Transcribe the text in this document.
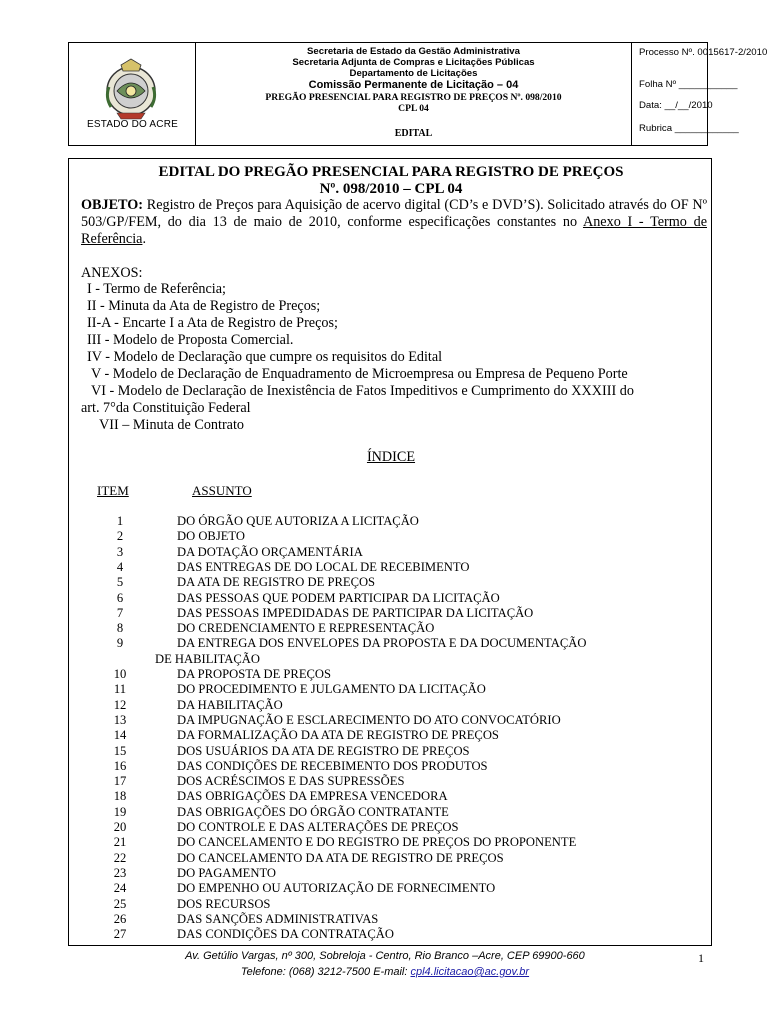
ESTADO DO ACRE
Secretaria de Estado da Gestão Administrativa
Secretaria Adjunta de Compras e Licitações Públicas
Departamento de Licitações
Comissão Permanente de Licitação – 04
PREGÃO PRESENCIAL PARA REGISTRO DE PREÇOS Nº. 098/2010
CPL 04
EDITAL
Processo Nº. 0015617-2/2010
Folha Nº ___________
Data: __/__/2010
Rubrica ____________
EDITAL DO PREGÃO PRESENCIAL PARA REGISTRO DE PREÇOS
Nº. 098/2010 – CPL 04
OBJETO: Registro de Preços para Aquisição de acervo digital (CD’s e DVD’S). Solicitado através do OF Nº 503/GP/FEM, do dia 13 de maio de 2010, conforme especificações constantes no Anexo I - Termo de Referência.
ANEXOS:
I - Termo de Referência;
II - Minuta da Ata de Registro de Preços;
II-A - Encarte I a Ata de Registro de Preços;
III - Modelo de Proposta Comercial.
IV - Modelo de Declaração que cumpre os requisitos do Edital
V - Modelo de Declaração de Enquadramento de Microempresa ou Empresa de Pequeno Porte
VI - Modelo de Declaração de Inexistência de Fatos Impeditivos e Cumprimento do XXXIII do
art. 7°da Constituição Federal
VII – Minuta de Contrato
ÍNDICE
ITEM	ASSUNTO
1	DO ÓRGÃO QUE AUTORIZA A LICITAÇÃO
2	DO OBJETO
3	DA DOTAÇÃO ORÇAMENTÁRIA
4	DAS ENTREGAS DE DO LOCAL DE RECEBIMENTO
5	DA ATA DE REGISTRO DE PREÇOS
6	DAS PESSOAS QUE PODEM PARTICIPAR DA LICITAÇÃO
7	DAS PESSOAS IMPEDIDADAS DE PARTICIPAR DA LICITAÇÃO
8	DO CREDENCIAMENTO E REPRESENTAÇÃO
9	DA ENTREGA DOS ENVELOPES DA PROPOSTA E DA DOCUMENTAÇÃO
DE HABILITAÇÃO
10	DA PROPOSTA DE PREÇOS
11	DO PROCEDIMENTO E JULGAMENTO DA LICITAÇÃO
12	DA HABILITAÇÃO
13	DA IMPUGNAÇÃO E ESCLARECIMENTO DO ATO CONVOCATÓRIO
14	DA FORMALIZAÇÃO DA ATA DE REGISTRO DE PREÇOS
15	DOS USUÁRIOS DA ATA DE REGISTRO DE PREÇOS
16	DAS CONDIÇÕES DE RECEBIMENTO DOS PRODUTOS
17	DOS ACRÉSCIMOS E DAS SUPRESSÕES
18	DAS OBRIGAÇÕES DA EMPRESA VENCEDORA
19	DAS OBRIGAÇÕES DO ÓRGÃO CONTRATANTE
20	DO CONTROLE E DAS ALTERAÇÕES DE PREÇOS
21	DO CANCELAMENTO E DO REGISTRO DE PREÇOS DO PROPONENTE
22	DO CANCELAMENTO DA ATA DE REGISTRO DE PREÇOS
23	DO PAGAMENTO
24	DO EMPENHO OU AUTORIZAÇÃO DE FORNECIMENTO
25	DOS RECURSOS
26	DAS SANÇÕES ADMINISTRATIVAS
27	DAS CONDIÇÕES DA CONTRATAÇÃO
Av. Getúlio Vargas, nº 300, Sobreloja - Centro, Rio Branco –Acre, CEP 69900-660
Telefone: (068) 3212-7500 E-mail: cpl4.licitacao@ac.gov.br
1
